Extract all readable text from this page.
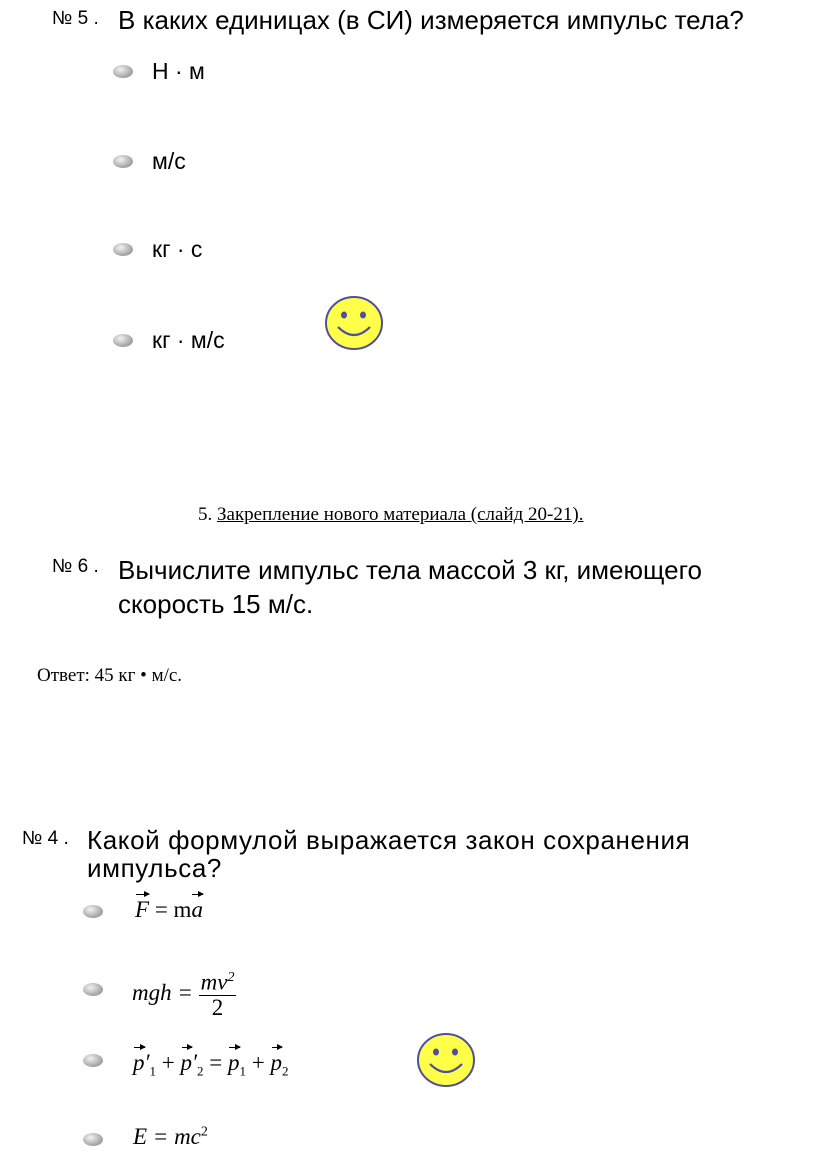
№ 5 . В каких единицах (в СИ) измеряется импульс тела?
Н · м
м/с
кг · с
кг · м/с
5. Закрепление нового материала (слайд 20-21).
№ 6 . Вычислите импульс тела массой 3 кг, имеющего
скорость 15 м/с.
Ответ: 45 кг • м/с.
№ 4 . Какой формулой выражается закон сохранения
импульса?
F = ma
mgh = $\frac{mv^2}{2}$
$p'_1 + p'_2 = p_1 + p_2$
$E = mc^2$
